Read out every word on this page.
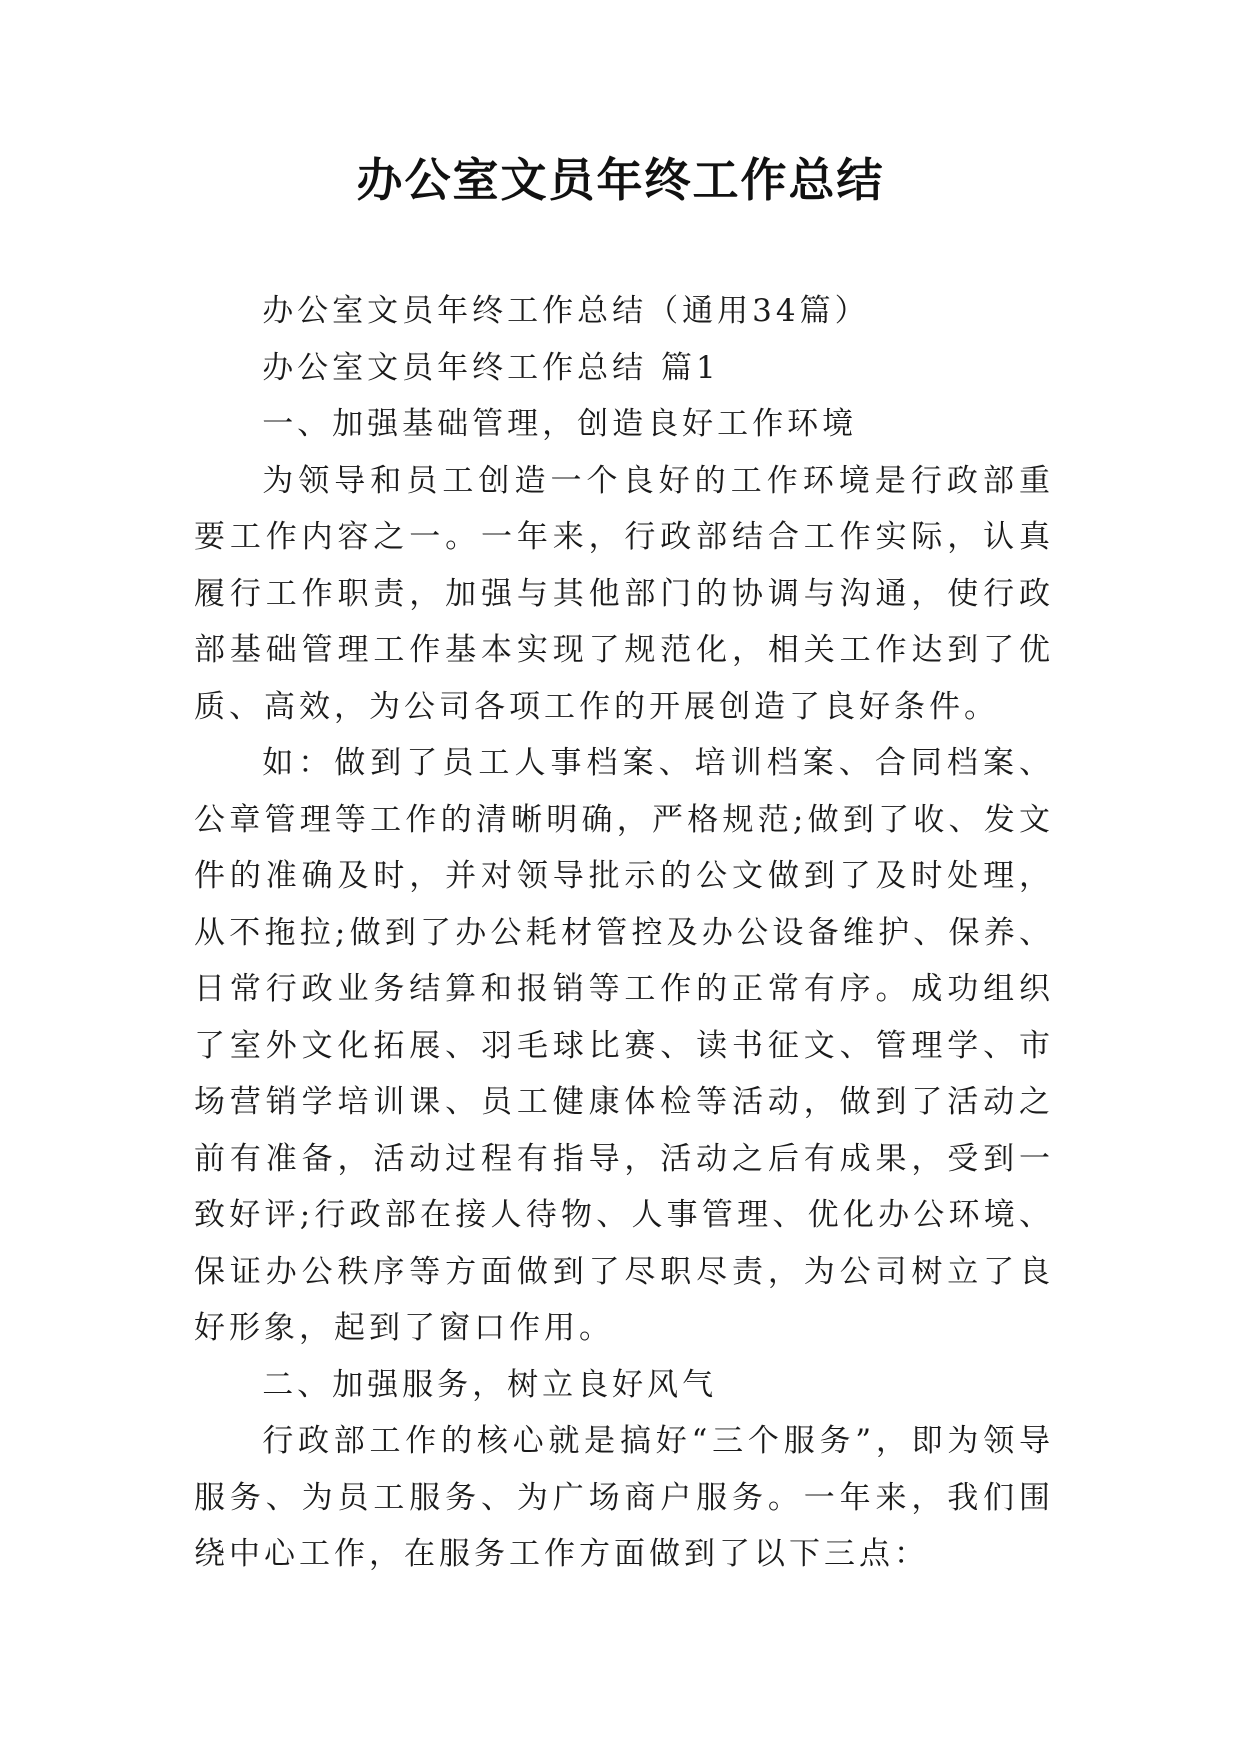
办公室文员年终工作总结

办公室文员年终工作总结（通用34篇）

办公室文员年终工作总结 篇1

一、加强基础管理，创造良好工作环境

为领导和员工创造一个良好的工作环境是行政部重要工作内容之一。一年来，行政部结合工作实际，认真履行工作职责，加强与其他部门的协调与沟通，使行政部基础管理工作基本实现了规范化，相关工作达到了优质、高效，为公司各项工作的开展创造了良好条件。

如：做到了员工人事档案、培训档案、合同档案、公章管理等工作的清晰明确，严格规范;做到了收、发文件的准确及时，并对领导批示的公文做到了及时处理，从不拖拉;做到了办公耗材管控及办公设备维护、保养、日常行政业务结算和报销等工作的正常有序。成功组织了室外文化拓展、羽毛球比赛、读书征文、管理学、市场营销学培训课、员工健康体检等活动，做到了活动之前有准备，活动过程有指导，活动之后有成果，受到一致好评;行政部在接人待物、人事管理、优化办公环境、保证办公秩序等方面做到了尽职尽责，为公司树立了良好形象，起到了窗口作用。

二、加强服务，树立良好风气

行政部工作的核心就是搞好“三个服务”，即为领导服务、为员工服务、为广场商户服务。一年来，我们围绕中心工作，在服务工作方面做到了以下三点：
